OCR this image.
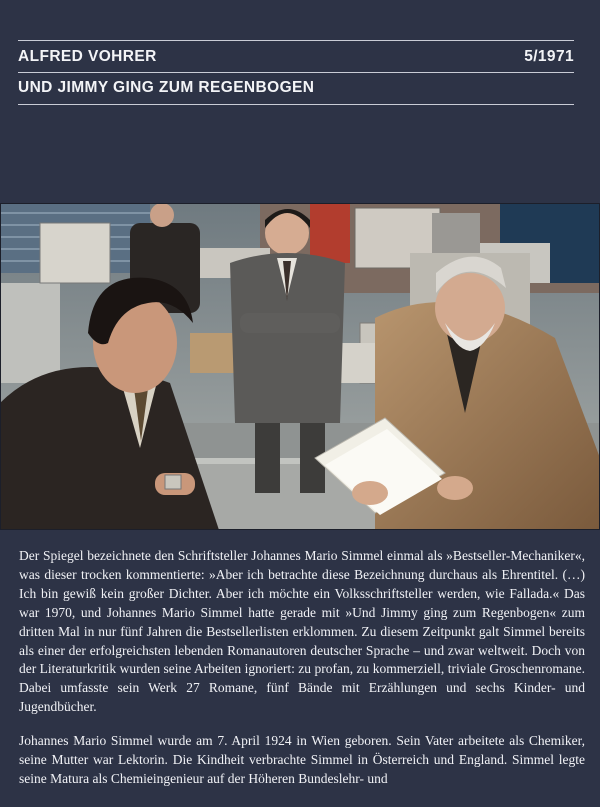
ALFRED VOHRER	5/1971
UND JIMMY GING ZUM REGENBOGEN

Der Spiegel bezeichnete den Schriftsteller Johannes Mario Simmel einmal als »Bestseller-Mechaniker«, was dieser trocken kommentierte: »Aber ich betrachte diese Bezeichnung durchaus als Ehrentitel. (…) Ich bin gewiß kein großer Dichter. Aber ich möchte ein Volksschriftsteller werden, wie Fallada.« Das war 1970, und Johannes Mario Simmel hatte gerade mit »Und Jimmy ging zum Regenbogen« zum dritten Mal in nur fünf Jahren die Bestsellerlisten erklommen. Zu diesem Zeitpunkt galt Simmel bereits als einer der erfolgreichsten lebenden Romanautoren deutscher Sprache – und zwar weltweit. Doch von der Literaturkritik wurden seine Arbeiten ignoriert: zu profan, zu kommerziell, triviale Groschenromane. Dabei umfasste sein Werk 27 Romane, fünf Bände mit Erzählungen und sechs Kinder- und Jugendbücher.

Johannes Mario Simmel wurde am 7. April 1924 in Wien geboren. Sein Vater arbeitete als Chemiker, seine Mutter war Lektorin. Die Kindheit verbrachte Simmel in Österreich und England. Simmel legte seine Matura als Chemieingenieur auf der Höheren Bundeslehr- und
